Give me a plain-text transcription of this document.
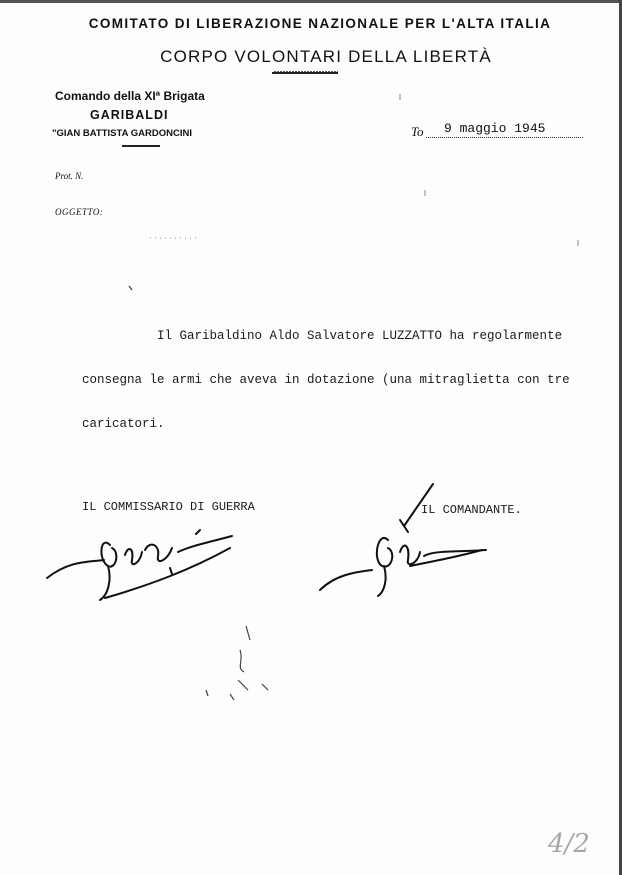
COMITATO DI LIBERAZIONE NAZIONALE PER L'ALTA ITALIA
CORPO VOLONTARI DELLA LIBERTÀ
Comando della XIª Brigata
GARIBALDI
"GIAN BATTISTA GARDONCINI	To 9 maggio 1945
Prot. N.
OGGETTO:
Il Garibaldino Aldo Salvatore LUZZATTO ha regolarmente
consegna le armi che aveva in dotazione (una mitraglietta con tre
caricatori.
IL COMMISSARIO DI GUERRA	IL COMANDANTE.
4/2
